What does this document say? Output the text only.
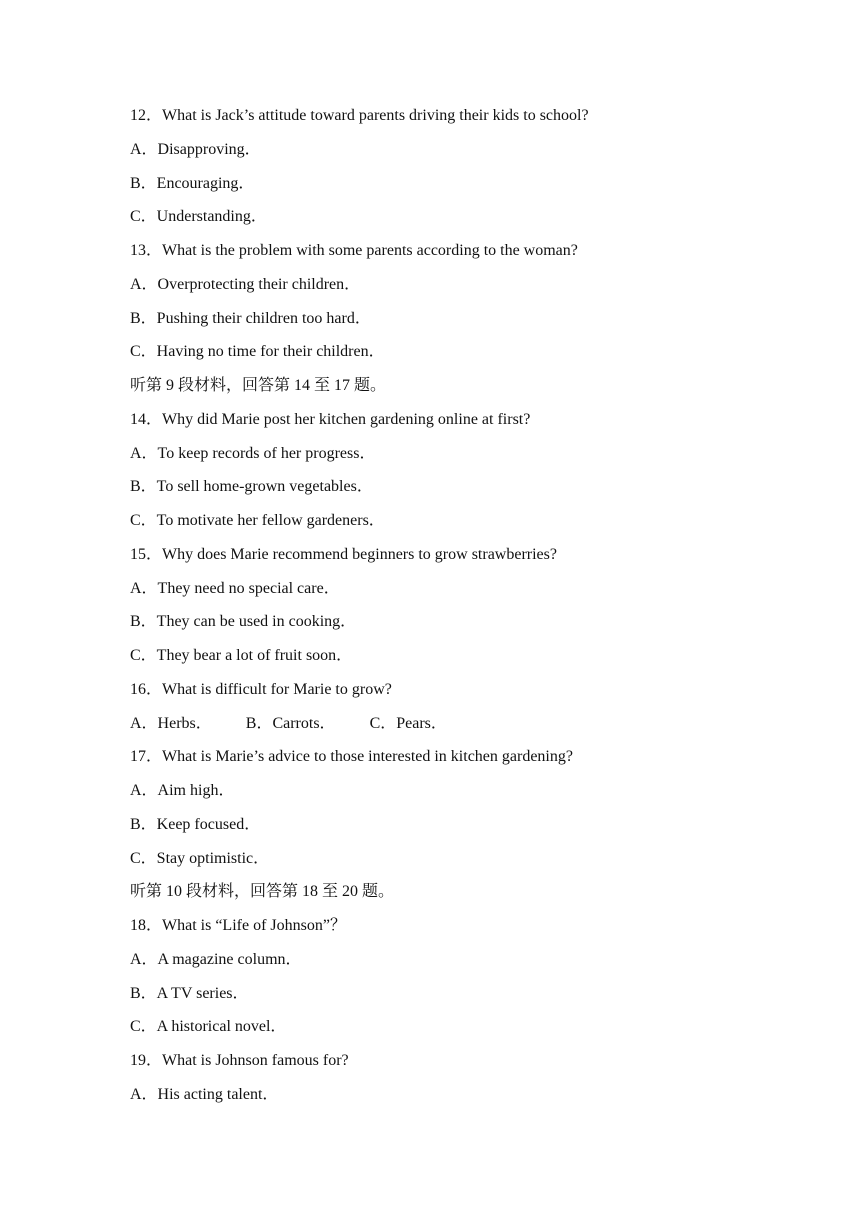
12．What is Jack’s attitude toward parents driving their kids to school?
A．Disapproving．
B．Encouraging．
C．Understanding．
13．What is the problem with some parents according to the woman?
A．Overprotecting their children．
B．Pushing their children too hard．
C．Having no time for their children．
听第 9 段材料，回答第 14 至 17 题。
14．Why did Marie post her kitchen gardening online at first?
A．To keep records of her progress．
B．To sell home-grown vegetables．
C．To motivate her fellow gardeners．
15．Why does Marie recommend beginners to grow strawberries?
A．They need no special care．
B．They can be used in cooking．
C．They bear a lot of fruit soon．
16．What is difficult for Marie to grow?
A．Herbs． B．Carrots． C．Pears．
17．What is Marie’s advice to those interested in kitchen gardening?
A．Aim high．
B．Keep focused．
C．Stay optimistic．
听第 10 段材料，回答第 18 至 20 题。
18．What is “Life of Johnson”？
A．A magazine column．
B．A TV series．
C．A historical novel．
19．What is Johnson famous for?
A．His acting talent．
